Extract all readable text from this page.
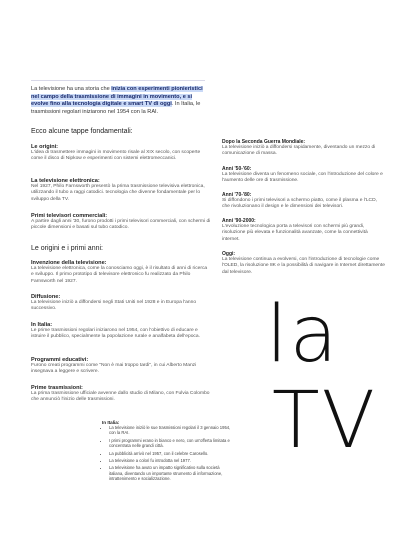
La televisione ha una storia che inizia con esperimenti pionieristici nel campo della trasmissione di immagini in movimento, e si evolve fino alla tecnologia digitale e smart TV di oggi. In Italia, le trasmissioni regolari iniziarono nel 1954 con la RAI.
Ecco alcune tappe fondamentali:
Le origini:
L'idea di trasmettere immagini in movimento risale al XIX secolo, con scoperte come il disco di Nipkow e esperimenti con sistemi elettromeccanici.
La televisione elettronica:
Nel 1927, Philo Farnsworth presentò la prima trasmissione televisiva elettronica, utilizzando il tubo a raggi catodici. tecnologia che divenne fondamentale per lo sviluppo della TV.
Primi televisori commerciali:
A partire dagli anni '30, furono prodotti i primi televisori commerciali, con schermi di piccole dimensioni e basati sul tubo catodico.
Le origini e i primi anni:
Invenzione della televisione:
La televisione elettronica, come la conosciamo oggi, è il risultato di anni di ricerca e sviluppo. Il primo prototipo di televisore elettronico fu realizzato da Philo Farnsworth nel 1927.
Diffusione:
La televisione iniziò a diffondersi negli Stati Uniti nel 1928 e in Europa l'anno successivo.
In Italia:
Le prime trasmissioni regolari iniziarono nel 1954, con l'obiettivo di educare e istruire il pubblico, specialmente la popolazione rurale e analfabeta dell'epoca.
Programmi educativi:
Furono creati programmi come "Non è mai troppo tardi", in cui Alberto Manzi insegnava a leggere e scrivere.
Prime trasmissioni:
La prima trasmissione ufficiale avvenne dallo studio di Milano, con Fulvia Colombo che annunciò l'inizio delle trasmissioni.
Dopo la Seconda Guerra Mondiale:
La televisione iniziò a diffondersi rapidamente, diventando un mezzo di comunicazione di massa.
Anni '50-'60:
La televisione diventa un fenomeno sociale, con l'introduzione del colore e l'aumento delle ore di trasmissione.
Anni '70-'80:
Si diffondono i primi televisori a schermo piatto, come il plasma e l'LCD, che rivoluzionano il design e le dimensioni dei televisori.
Anni '90-2000:
L'evoluzione tecnologica porta a televisori con schermi più grandi, risoluzione più elevata e funzionalità avanzate, come la connettività internet.
Oggi:
La televisione continua a evolversi, con l'introduzione di tecnologie come l'OLED, la risoluzione 8K e la possibilità di navigare in Internet direttamente dal televisore.
la
TV
In Italia:
• La televisione iniziò le sue trasmissioni regolari il 3 gennaio 1954, con la RAI.
• I primi programmi erano in bianco e nero, con un'offerta limitata e concentrata nelle grandi città.
• La pubblicità arrivò nel 1957, con il celebre Carosello.
• La televisione a colori fu introdotta nel 1977.
• La televisione ha avuto un impatto significativo sulla società italiana, diventando un importante strumento di informazione, intrattenimento e socializzazione.
